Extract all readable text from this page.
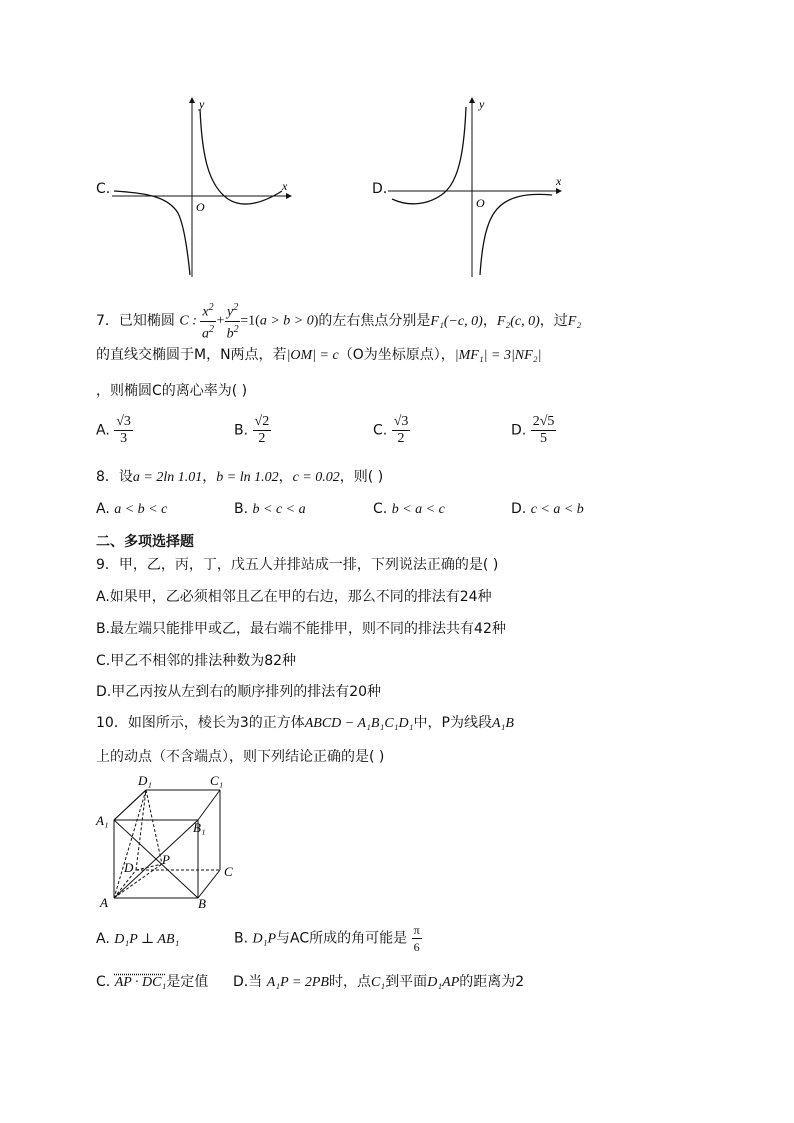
C.	x
y
O
D.	x
y
O
7．已知椭圆 C : $\frac{x^2}{a^2} + \frac{y^2}{b^2} =1(a > b > 0)$的左右焦点分别是F₁(−c, 0)，F₂(c, 0)，过F₂
的直线交椭圆于M，N两点，若|OM| = c（O为坐标原点），|MF₁| = 3|NF₂|
，则椭圆C的离心率为( )
A. $\frac{√3}{3}$	B. $\frac{√2}{2}$	C. $\frac{√3}{2}$	D. $\frac{2√5}{5}$
8．设a = 2ln 1.01，b = ln 1.02，c = 0.02，则( )
A. a < b < c	B. b < c < a	C. b < a < c	D. c < a < b
二、多项选择题
9．甲，乙，丙，丁，戊五人并排站成一排，下列说法正确的是( )
A.如果甲，乙必须相邻且乙在甲的右边，那么不同的排法有24种
B.最左端只能排甲或乙，最右端不能排甲，则不同的排法共有42种
C.甲乙不相邻的排法种数为82种
D.甲乙丙按从左到右的顺序排列的排法有20种
10．如图所示，棱长为3的正方体ABCD − A₁B₁C₁D₁中，P为线段A₁B
上的动点（不含端点），则下列结论正确的是( )
D₁	C₁
A₁	B₁
D
P
C
A	B
A. D₁P ⊥ AB₁	B. D₁P与AC所成的角可能是 $\frac{\pi}{6}$
C. AP · DC₁是定值 D.当 A₁P = 2PB时，点C₁到平面D₁AP的距离为2
